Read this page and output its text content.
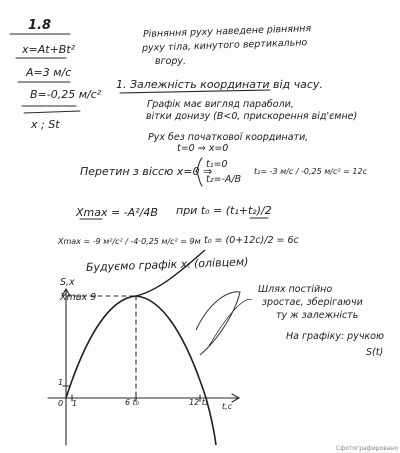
1.8
x=At+Bt²
A=3 м/с
B=-0,25 м/с²
x ; St
Рівняння руху наведене рівняння
руху тіла, кинутого вертикально
вгору.
1. Залежність координати від часу.
Графік має вигляд параболи,
вітки донизу (B<0, прискорення від'ємне)
Рух без початкової координати,
t=0 ⇒ x=0
Перетин з віссю x=0 ⇒
t₁=0
t₂=-A/B
t₂= -3 м/с / -0,25 м/с² = 12c
Xmax = -A²/4B при t₀ = (t₁+t₂)/2
Xmax = -9 м²/с² / -4·0,25 м/с² = 9м t₀ = (0+12c)/2 = 6c
Будуємо графік xₜ (олівцем)
Шлях постійно
зростає, зберігаючи
ту ж залежність
На графіку: ручкою
S(t)
S,x
Xmax 9
1
0 1	6 t₀	12 t₂ t,c
Сфотографировано
